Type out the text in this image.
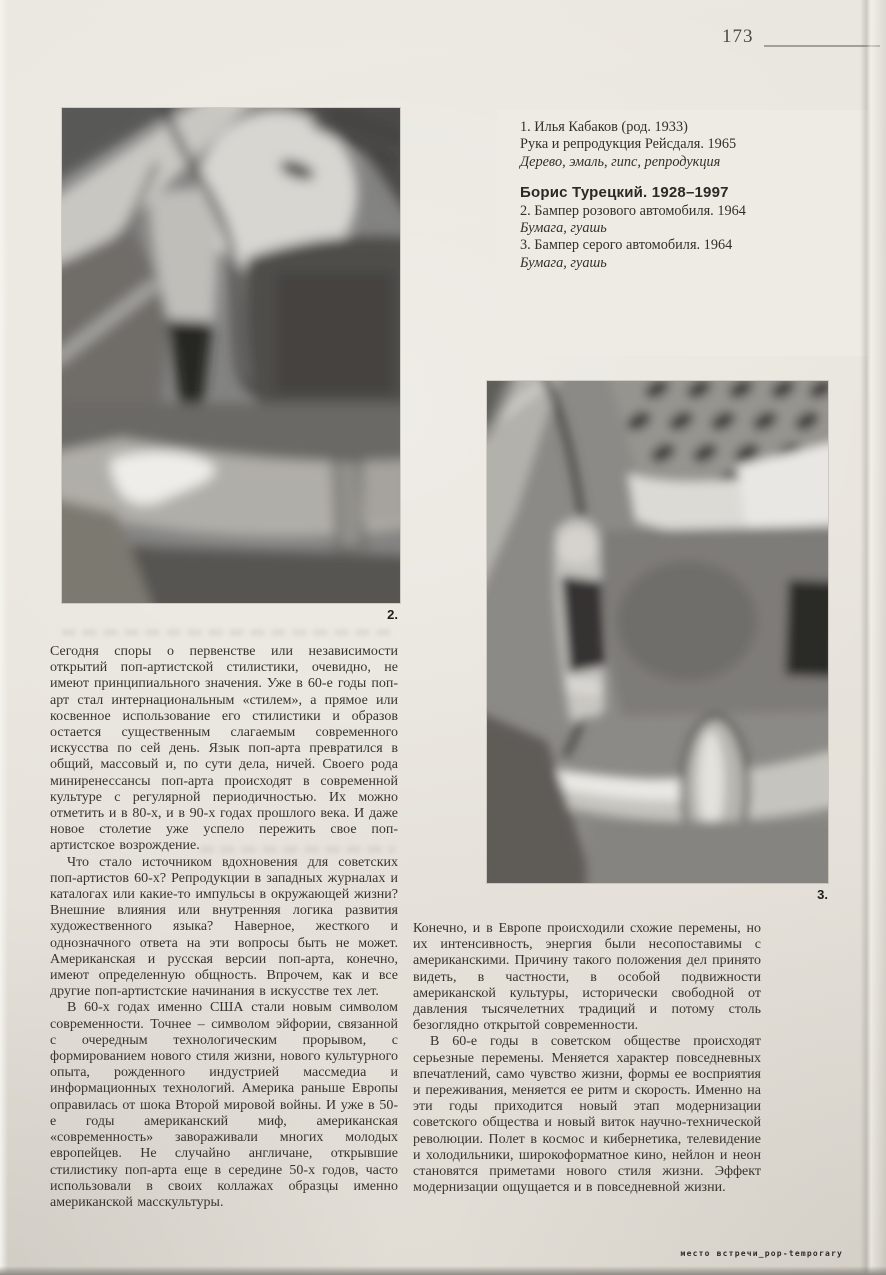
173
2.
1. Илья Кабаков (род. 1933)
Рука и репродукция Рейсдаля. 1965
Дерево, эмаль, гипс, репродукция
Борис Турецкий. 1928–1997
2. Бампер розового автомобиля. 1964
Бумага, гуашь
3. Бампер серого автомобиля. 1964
Бумага, гуашь
3.

Сегодня споры о первенстве или независимости открытий поп-артистской стилистики, очевидно, не имеют принципиального значения. Уже в 60-е годы поп-арт стал интернациональным «стилем», а прямое или косвенное использование его стилистики и образов остается существенным слагаемым современного искусства по сей день. Язык поп-арта превратился в общий, массовый и, по сути дела, ничей. Своего рода миниренессансы поп-арта происходят в современной культуре с регулярной периодичностью. Их можно отметить и в 80-х, и в 90-х годах прошлого века. И даже новое столетие уже успело пережить свое поп-артистское возрождение.

Что стало источником вдохновения для советских поп-артистов 60-х? Репродукции в западных журналах и каталогах или какие-то импульсы в окружающей жизни? Внешние влияния или внутренняя логика развития художественного языка? Наверное, жесткого и однозначного ответа на эти вопросы быть не может. Американская и русская версии поп-арта, конечно, имеют определенную общность. Впрочем, как и все другие поп-артистские начинания в искусстве тех лет.

В 60-х годах именно США стали новым символом современности. Точнее – символом эйфории, связанной с очередным технологическим прорывом, с формированием нового стиля жизни, нового культурного опыта, рожденного индустрией массмедиа и информационных технологий. Америка раньше Европы оправилась от шока Второй мировой войны. И уже в 50-е годы американский миф, американская «современность» завораживали многих молодых европейцев. Не случайно англичане, открывшие стилистику поп-арта еще в середине 50-х годов, часто использовали в своих коллажах образцы именно американской масскультуры.

Конечно, и в Европе происходили схожие перемены, но их интенсивность, энергия были несопоставимы с американскими. Причину такого положения дел принято видеть, в частности, в особой подвижности американской культуры, исторически свободной от давления тысячелетних традиций и потому столь безоглядно открытой современности.

В 60-е годы в советском обществе происходят серьезные перемены. Меняется характер повседневных впечатлений, само чувство жизни, формы ее восприятия и переживания, меняется ее ритм и скорость. Именно на эти годы приходится новый этап модернизации советского общества и новый виток научно-технической революции. Полет в космос и кибернетика, телевидение и холодильники, широкоформатное кино, нейлон и неон становятся приметами нового стиля жизни. Эффект модернизации ощущается и в повседневной жизни.

место встречи_pop-temporary
